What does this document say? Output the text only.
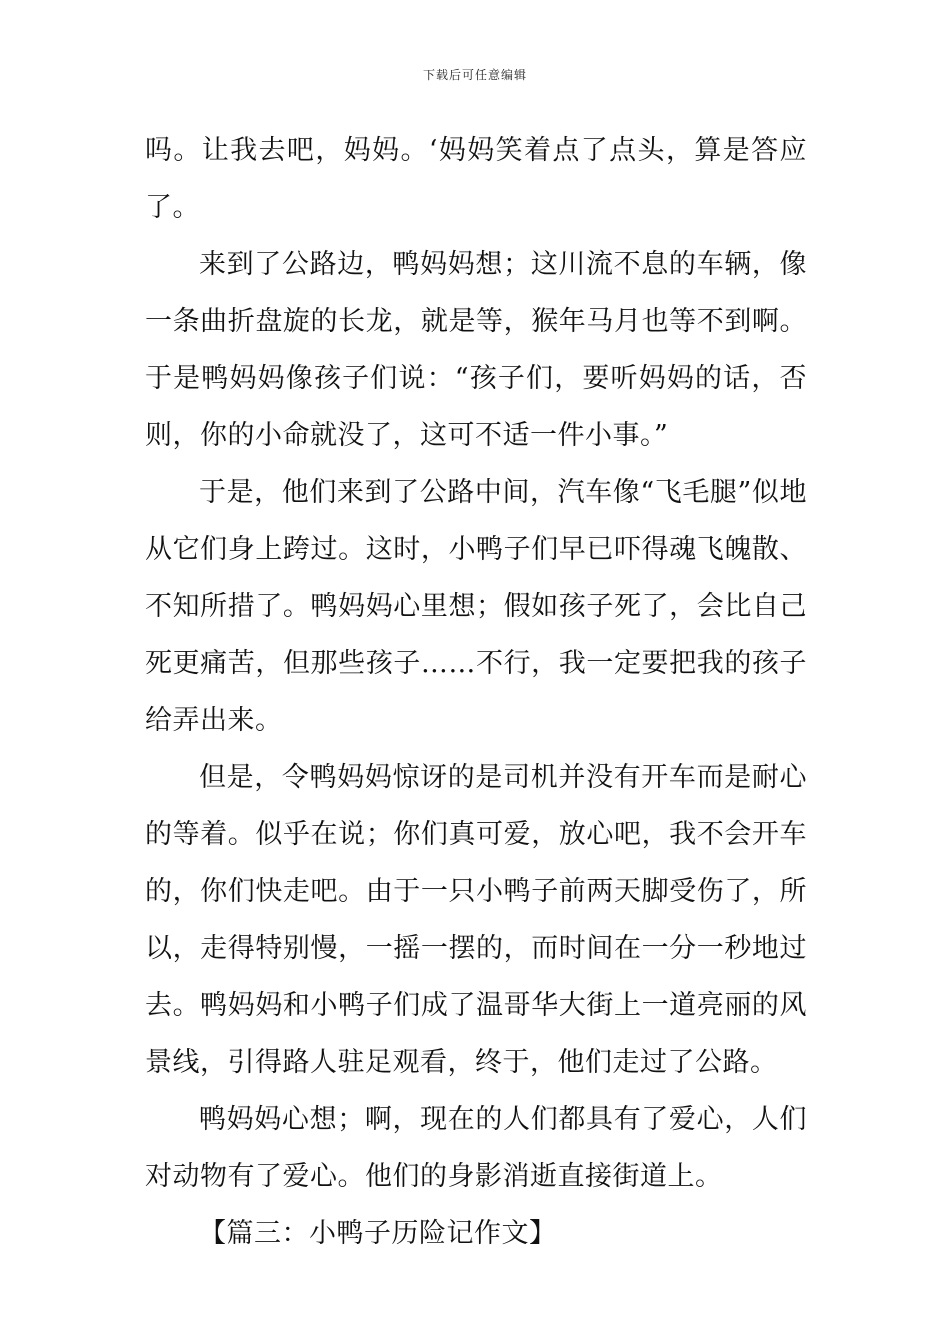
下载后可任意编辑

吗。让我去吧，妈妈。‘妈妈笑着点了点头，算是答应了。

来到了公路边，鸭妈妈想；这川流不息的车辆，像一条曲折盘旋的长龙，就是等，猴年马月也等不到啊。于是鸭妈妈像孩子们说：“孩子们，要听妈妈的话，否则，你的小命就没了，这可不适一件小事。”

于是，他们来到了公路中间，汽车像“飞毛腿”似地从它们身上跨过。这时，小鸭子们早已吓得魂飞魄散、不知所措了。鸭妈妈心里想；假如孩子死了，会比自己死更痛苦，但那些孩子……不行，我一定要把我的孩子给弄出来。

但是，令鸭妈妈惊讶的是司机并没有开车而是耐心的等着。似乎在说；你们真可爱，放心吧，我不会开车的，你们快走吧。由于一只小鸭子前两天脚受伤了，所以，走得特别慢，一摇一摆的，而时间在一分一秒地过去。鸭妈妈和小鸭子们成了温哥华大街上一道亮丽的风景线，引得路人驻足观看，终于，他们走过了公路。

鸭妈妈心想；啊，现在的人们都具有了爱心，人们对动物有了爱心。他们的身影消逝直接街道上。

【篇三：小鸭子历险记作文】
